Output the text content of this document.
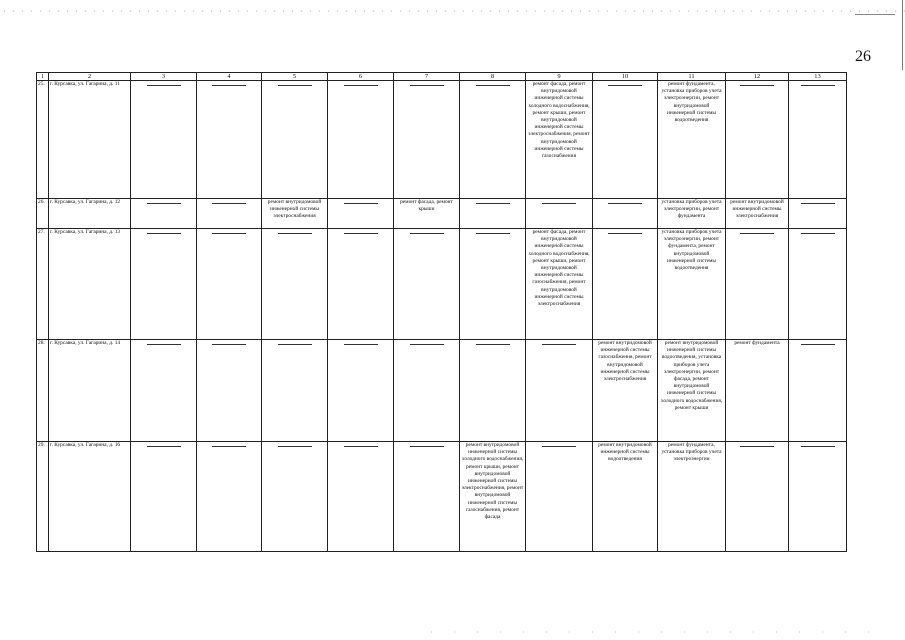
26
1	2	3	4	5	6	7	8	9	10	11	12	13
25.	г. Курсавка, ул. Гагарина, д. 11							ремонт фасада, ремонт внутридомовой инженерной системы холодного водоснабжения, ремонт крыши, ремонт внутридомовой инженерной системы электроснабжения, ремонт внутридомовой инженерной системы газоснабжения		ремонт фундамента, установка приборов учета электроэнергии, ремонт внутридомовой инженерной системы водоотведения	

26.	г. Курсавка, ул. Гагарина, д. 12			ремонт внутридомовой инженерной системы электроснабжения		ремонт фасада, ремонт крыши				установка приборов учета электроэнергии, ремонт фундамента	ремонт внутридомовой инженерной системы электроснабжения	

27.	г. Курсавка, ул. Гагарина, д. 13							ремонт фасада, ремонт внутридомовой инженерной системы холодного водоснабжения, ремонт крыши, ремонт внутридомовой инженерной системы газоснабжения, ремонт внутридомовой инженерной системы электроснабжения		установка приборов учета электроэнергии, ремонт фундамента, ремонт внутридомовой инженерной системы водоотведения	

28.	г. Курсавка, ул. Гагарина, д. 14								ремонт внутридомовой инженерной системы газоснабжения, ремонт внутридомовой инженерной системы электроснабжения	ремонт внутридомовой инженерной системы водоотведения, установка приборов учета электроэнергии, ремонт фасада, ремонт внутридомовой инженерной системы холодного водоснабжения, ремонт крыши	ремонт фундамента	

29.	г. Курсавка, ул. Гагарина, д. 16						ремонт внутридомовой инженерной системы холодного водоснабжения, ремонт крыши, ремонт внутридомовой инженерной системы электроснабжения, ремонт внутридомовой инженерной системы газоснабжения, ремонт фасада		ремонт внутридомовой инженерной системы водоотведения	ремонт фундамента, установка приборов учета электроэнергии	
